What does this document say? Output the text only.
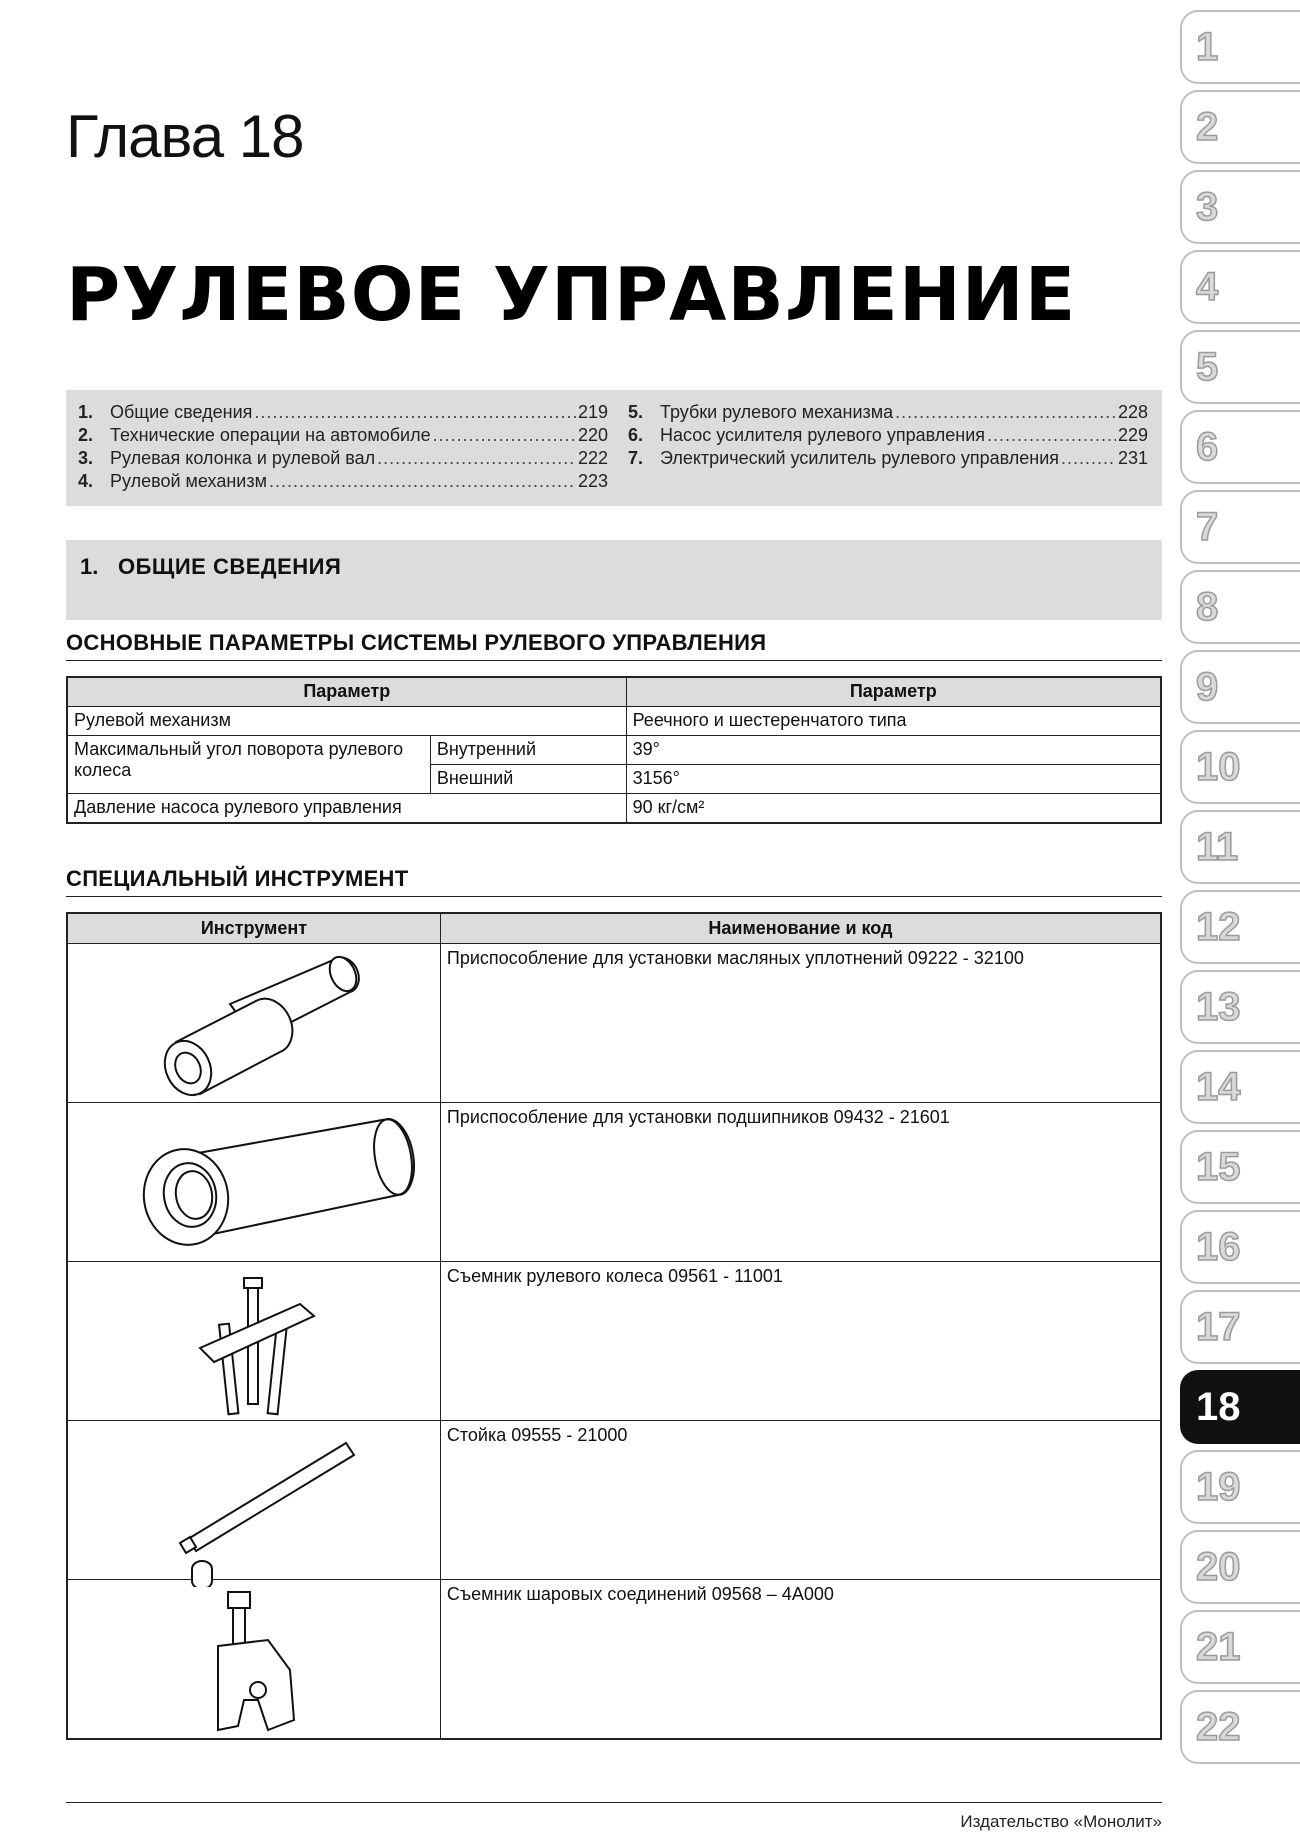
Глава 18
РУЛЕВОЕ УПРАВЛЕНИЕ
1. Общие сведения .....	219
2. Технические операции на автомобиле .....	220
3. Рулевая колонка и рулевой вал .....	222
4. Рулевой механизм .....	223
5. Трубки рулевого механизма .....	228
6. Насос усилителя рулевого управления .....	229
7. Электрический усилитель рулевого управления .....	231
1. ОБЩИЕ СВЕДЕНИЯ
ОСНОВНЫЕ ПАРАМЕТРЫ СИСТЕМЫ РУЛЕВОГО УПРАВЛЕНИЯ
Параметр		Параметр
Рулевой механизм		Реечного и шестеренчатого типа
Максимальный угол поворота рулевого колеса	Внутренний	39°
	Внешний	3156°
Давление насоса рулевого управления		90 кг/см²
СПЕЦИАЛЬНЫЙ ИНСТРУМЕНТ
Инструмент	Наименование и код

	Приспособление для установки масляных уплотнений 09222 - 32100

	Приспособление для установки подшипников 09432 - 21601

	Съемник рулевого колеса 09561 - 11001

	Стойка 09555 - 21000

	Съемник шаровых соединений 09568 – 4А000
Издательство «Монолит»
1
2
3
4
5
6
7
8
9
10
11
12
13
14
15
16
17
18
19
20
21
22
